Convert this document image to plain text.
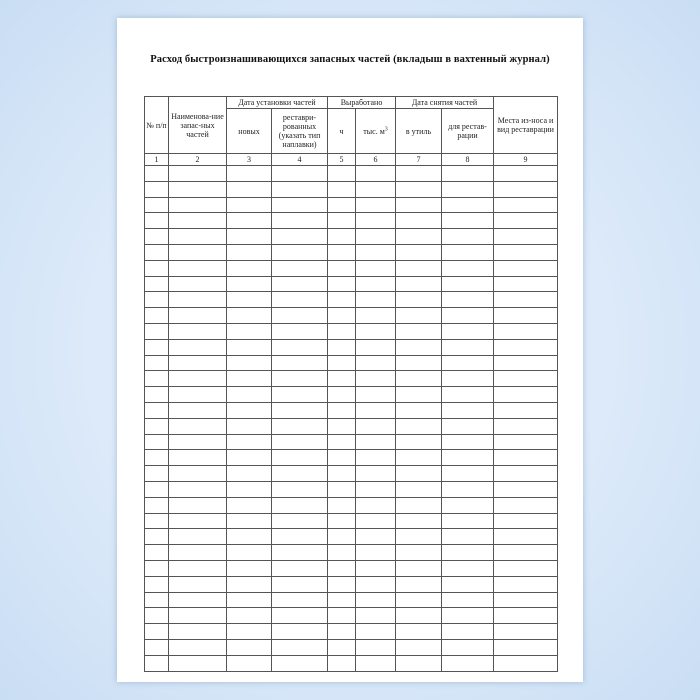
Расход быстроизнашивающихся запасных частей (вкладыш в вахтенный журнал)
№ п/п	Наименова-ние запас-ных частей	Дата установки частей		Выработано		Дата снятия частей		Места из-носа и вид реставрации
		новых	реставри-рованных (указать тип наплавки)	ч	тыс. $м^3$	в утиль	для рестав-рации	
1	2	3	4	5	6	7	8	9
